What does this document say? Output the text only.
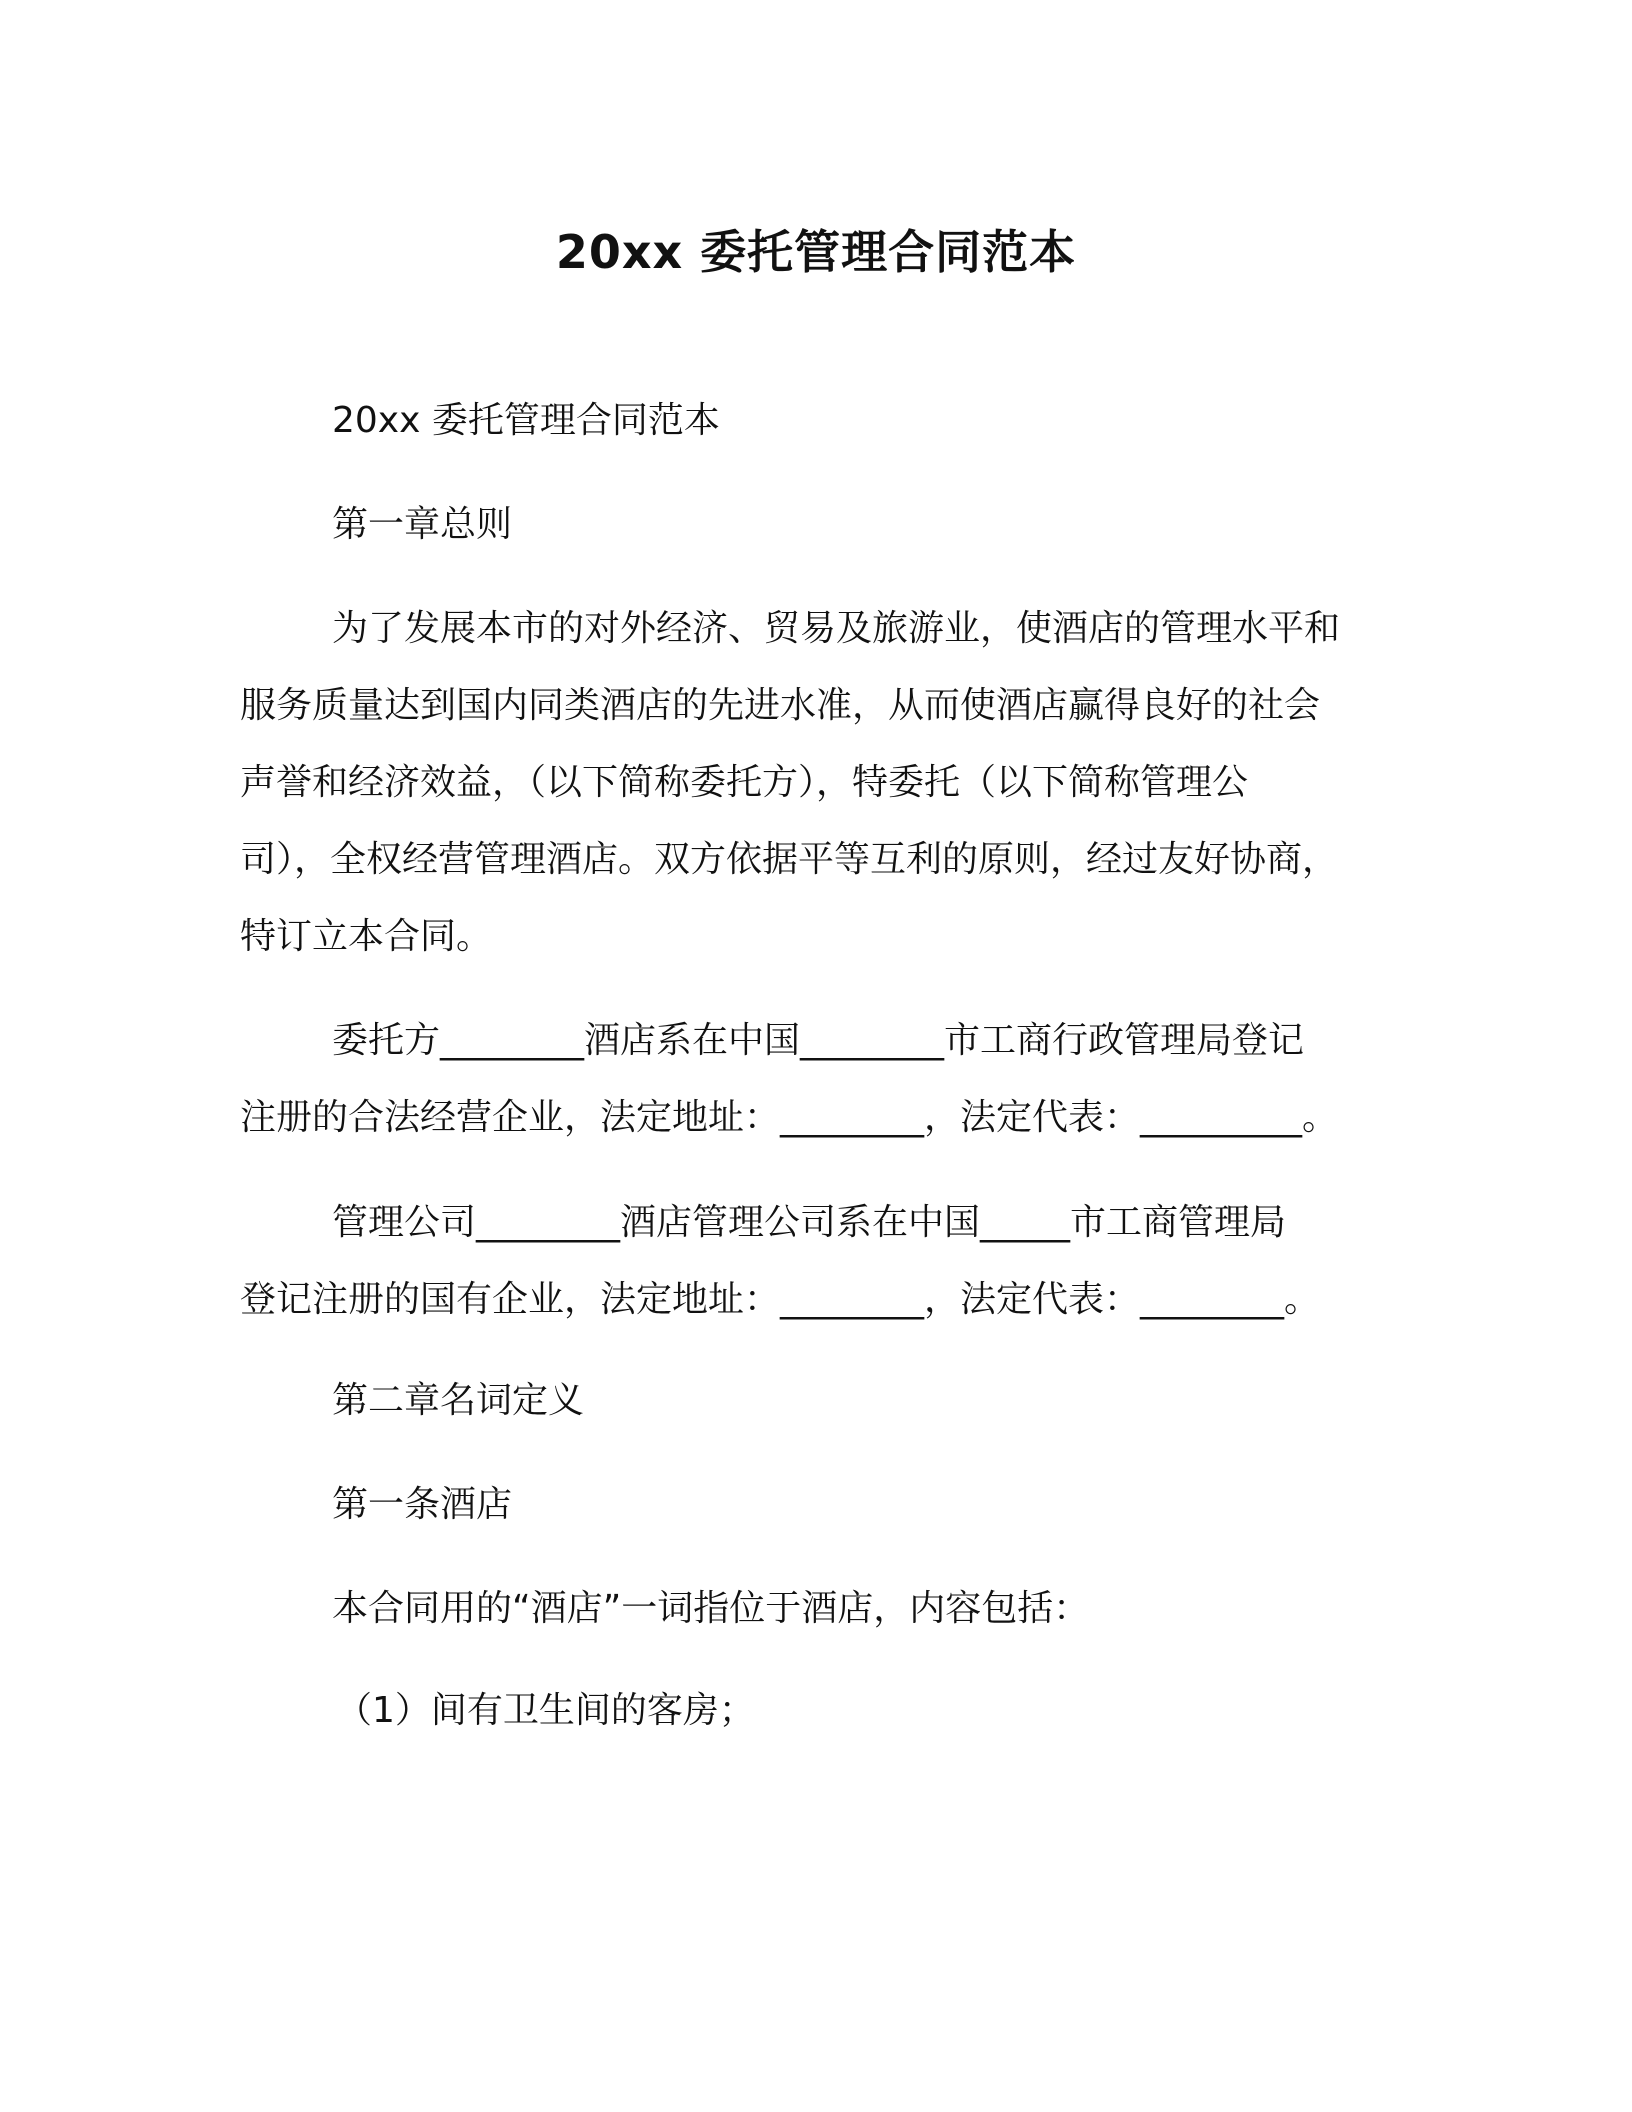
20xx 委托管理合同范本
20xx 委托管理合同范本
第一章总则
为了发展本市的对外经济、贸易及旅游业，使酒店的管理水平和
服务质量达到国内同类酒店的先进水准，从而使酒店赢得良好的社会
声誉和经济效益，（以下简称委托方），特委托（以下简称管理公
司），全权经营管理酒店。双方依据平等互利的原则，经过友好协商，
特订立本合同。
委托方________酒店系在中国________市工商行政管理局登记
注册的合法经营企业，法定地址：________，法定代表：_________。
管理公司________酒店管理公司系在中国_____市工商管理局
登记注册的国有企业，法定地址：________，法定代表：________。
第二章名词定义
第一条酒店
本合同用的“酒店”一词指位于酒店，内容包括：
（1）间有卫生间的客房；
